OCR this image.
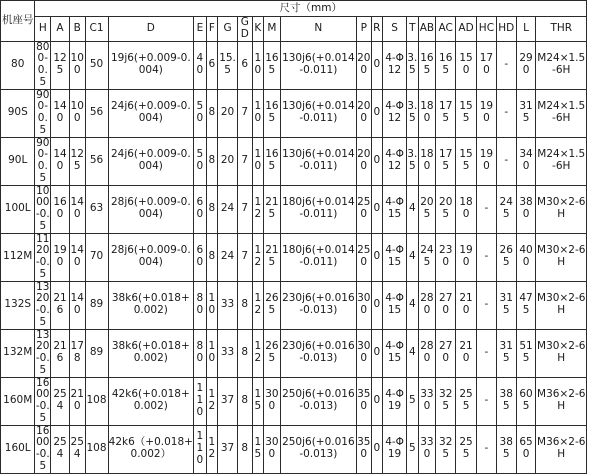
机座号	尺寸（mm）																						
	H	A	B	C1	D	E	F	G	GD	K	M	N	P	R	S	T	AB	AC	AD	HC	HD	L	THR
80	800-0.5	125	100	50	19j6(+0.009-0.004)	40	6	15.5	6	10	165	130j6(+0.014-0.011)	200	0	4-Φ12	3.5	165	165	150	170	-	290	M24×1.5-6H
90S	900-0.5	140	100	56	24j6(+0.009-0.004)	50	8	20	7	10	165	130j6(+0.014-0.011)	200	0	4-Φ12	3.5	180	175	155	190	-	315	M24×1.5-6H
90L	900-0.5	140	125	56	24j6(+0.009-0.004)	50	8	20	7	10	165	130j6(+0.014-0.011)	200	0	4-Φ12	3.5	180	175	155	190	-	340	M24×1.5-6H
100L	1000-0.5	160	140	63	28j6(+0.009-0.004)	60	8	24	7	12	215	180j6(+0.014-0.011)	250	0	4-Φ15	4	205	205	180	-	245	380	M30×2-6H
112M	1120-0.5	190	140	70	28j6(+0.009-0.004)	60	8	24	7	12	215	180j6(+0.014-0.011)	250	0	4-Φ15	4	245	230	190	-	265	400	M30×2-6H
132S	1320-0.5	216	140	89	38k6(+0.018+0.002)	80	10	33	8	12	265	230j6(+0.016-0.013)	300	0	4-Φ15	4	280	270	210	-	315	475	M30×2-6H
132M	1320-0.5	216	178	89	38k6(+0.018+0.002)	80	10	33	8	12	265	230j6(+0.016-0.013)	300	0	4-Φ15	4	280	270	210	-	315	515	M30×2-6H
160M	1600-0.5	254	210	108	42k6(+0.018+0.002)	110	12	37	8	15	300	250j6(+0.016-0.013)	350	0	4-Φ19	5	330	325	255	-	385	605	M36×2-6H
160L	1600-0.5	254	254	108	42k6（+0.018+0.002）	110	12	37	8	15	300	250j6(+0.016-0.013)	350	0	4-Φ19	5	330	325	255	-	385	650	M36×2-6H
